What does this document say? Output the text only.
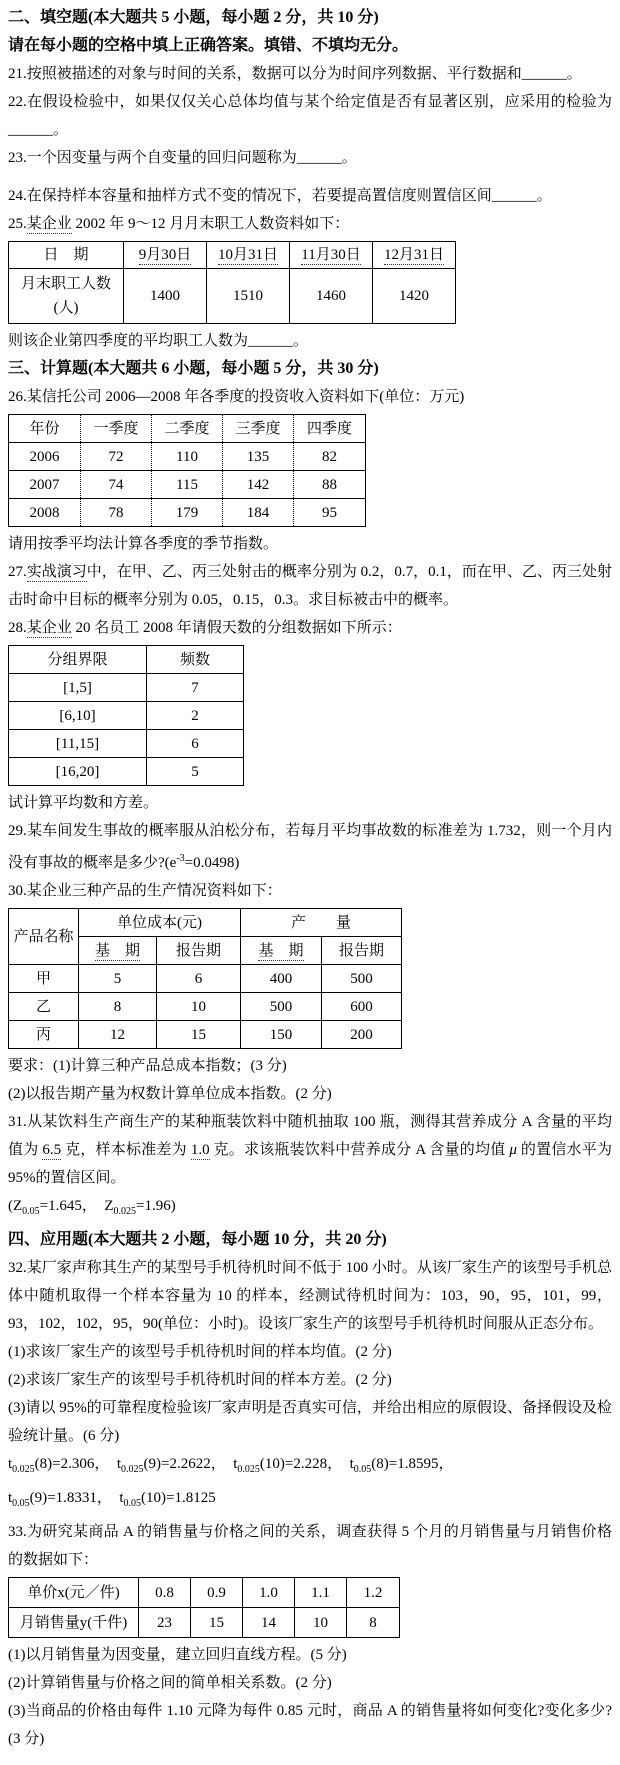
二、填空题(本大题共 5 小题，每小题 2 分，共 10 分)

请在每小题的空格中填上正确答案。填错、不填均无分。

21.按照被描述的对象与时间的关系，数据可以分为时间序列数据、平行数据和______。

22.在假设检验中，如果仅仅关心总体均值与某个给定值是否有显著区别，应采用的检验为______。

23.一个因变量与两个自变量的回归问题称为______。

24.在保持样本容量和抽样方式不变的情况下，若要提高置信度则置信区间______。

25.某企业 2002 年 9～12 月月末职工人数资料如下：

日　期	9月30日	10月31日	11月30日	12月31日
月末职工人数
(人)	1400	1510	1460	1420

则该企业第四季度的平均职工人数为______。

三、计算题(本大题共 6 小题，每小题 5 分，共 30 分)

26.某信托公司 2006—2008 年各季度的投资收入资料如下(单位：万元)

年份	一季度	二季度	三季度	四季度
2006	72	110	135	82
2007	74	115	142	88
2008	78	179	184	95

请用按季平均法计算各季度的季节指数。

27.实战演习中，在甲、乙、丙三处射击的概率分别为 0.2，0.7，0.1，而在甲、乙、丙三处射击时命中目标的概率分别为 0.05，0.15，0.3。求目标被击中的概率。

28.某企业 20 名员工 2008 年请假天数的分组数据如下所示：

分组界限	频数
[1,5]	7
[6,10]	2
[11,15]	6
[16,20]	5

试计算平均数和方差。

29.某车间发生事故的概率服从泊松分布，若每月平均事故数的标准差为 1.732，则一个月内没有事故的概率是多少$?(e^{-3}=0.0498)$

30.某企业三种产品的生产情况资料如下：

产品名称	单位成本(元)		产　　量	
	基　期	报告期	基　期	报告期
甲	5	6	400	500
乙	8	10	500	600
丙	12	15	150	200

要求：(1)计算三种产品总成本指数；(3 分)

(2)以报告期产量为权数计算单位成本指数。(2 分)

31.从某饮料生产商生产的某种瓶装饮料中随机抽取 100 瓶，测得其营养成分 A 含量的平均值为 6.5 克，样本标准差为 1.0 克。求该瓶装饮料中营养成分 A 含量的均值 μ 的置信水平为 95%的置信区间。

($Z_{0.05}=1.645$，  $Z_{0.025}=1.96$)

四、应用题(本大题共 2 小题，每小题 10 分，共 20 分)

32.某厂家声称其生产的某型号手机待机时间不低于 100 小时。从该厂家生产的该型号手机总体中随机取得一个样本容量为 10 的样本，经测试待机时间为：103，90，95，101，99，93，102，102，95，90(单位：小时)。设该厂家生产的该型号手机待机时间服从正态分布。

(1)求该厂家生产的该型号手机待机时间的样本均值。(2 分)

(2)求该厂家生产的该型号手机待机时间的样本方差。(2 分)

(3)请以 95%的可靠程度检验该厂家声明是否真实可信，并给出相应的原假设、备择假设及检验统计量。(6 分)

$t_{0.025}(8)=2.306$，  $t_{0.025}(9)=2.2622$，  $t_{0.025}(10)=2.228$，  $t_{0.05}(8)=1.8595$，

$t_{0.05}(9)=1.8331$，  $t_{0.05}(10)=1.8125$

33.为研究某商品 A 的销售量与价格之间的关系，调查获得 5 个月的月销售量与月销售价格的数据如下：

单价x(元／件)	0.8	0.9	1.0	1.1	1.2
月销售量y(千件)	23	15	14	10	8

(1)以月销售量为因变量，建立回归直线方程。(5 分)

(2)计算销售量与价格之间的简单相关系数。(2 分)

(3)当商品的价格由每件 1.10 元降为每件 0.85 元时，商品 A 的销售量将如何变化?变化多少?(3 分)
